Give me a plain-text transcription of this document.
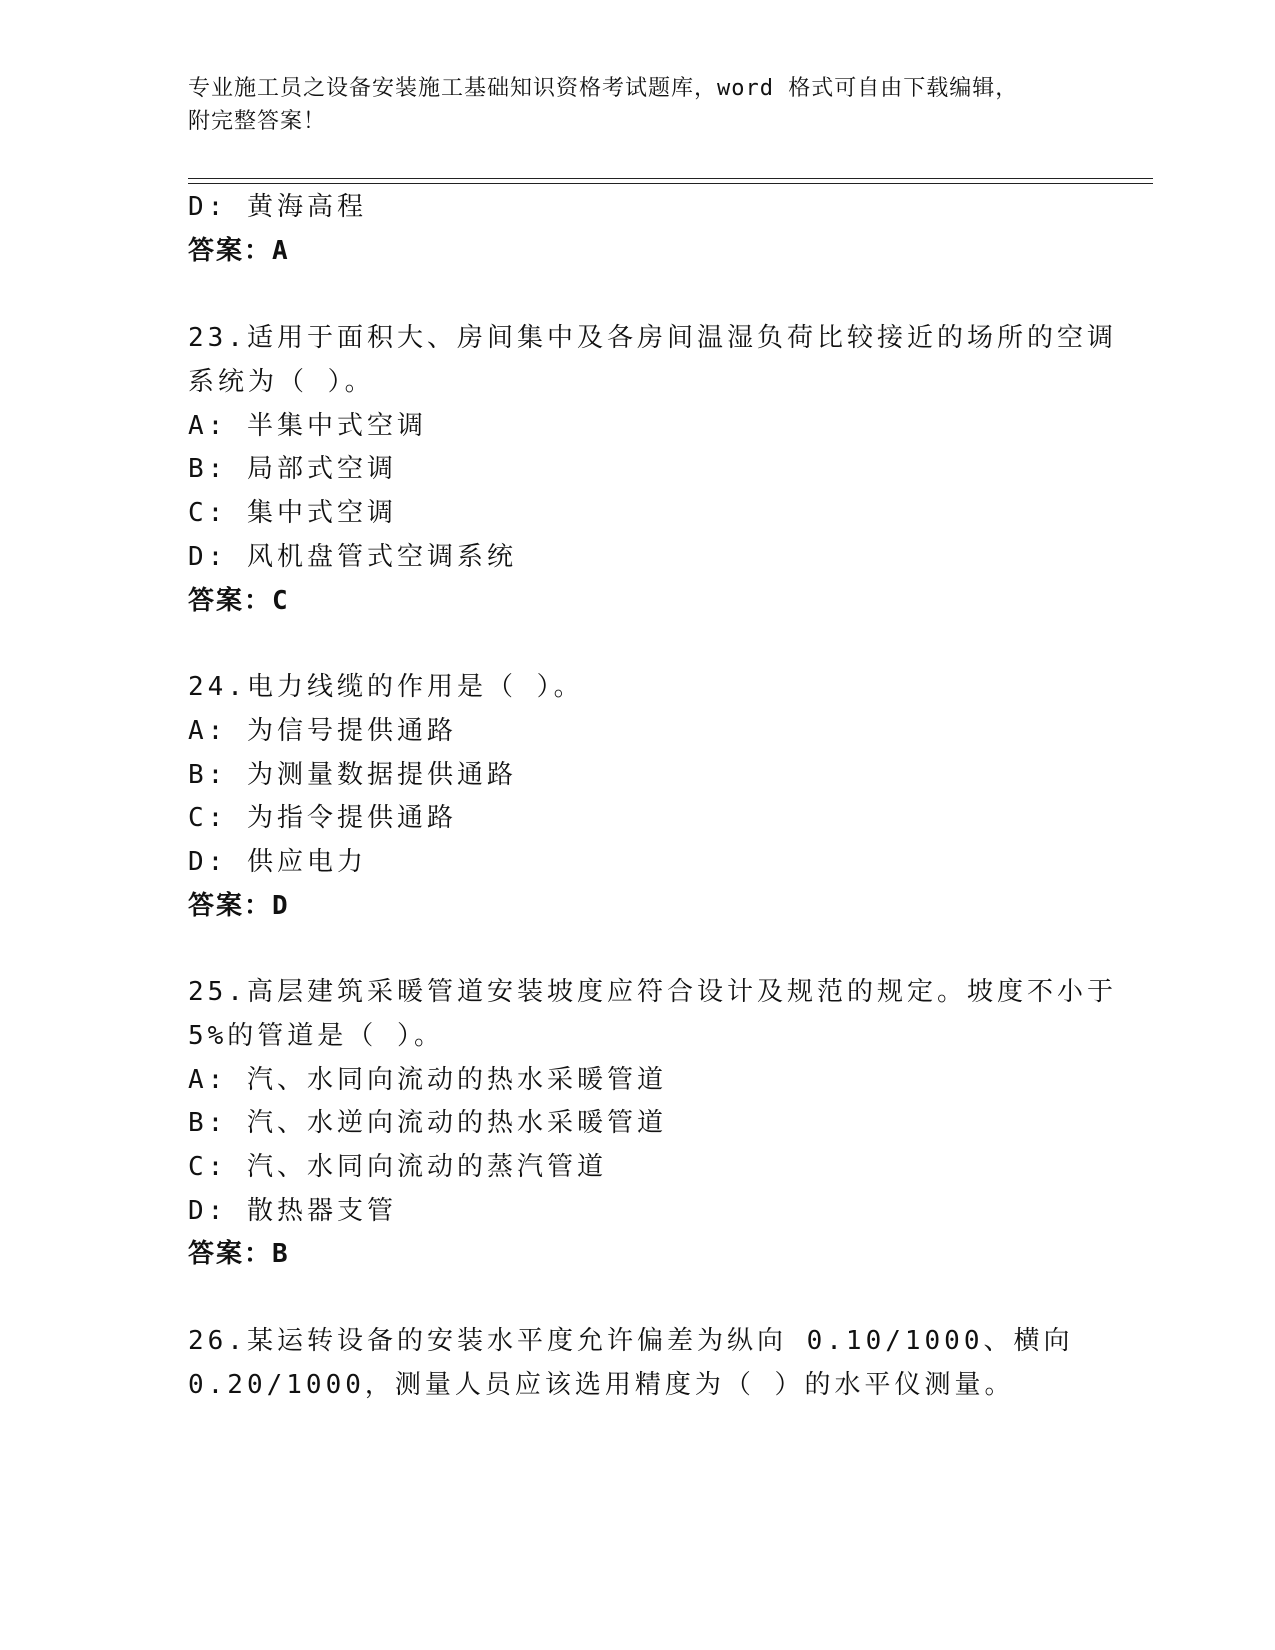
专业施工员之设备安装施工基础知识资格考试题库，word 格式可自由下载编辑，
附完整答案！
D: 黄海高程
答案：A
23.适用于面积大、房间集中及各房间温湿负荷比较接近的场所的空调
系统为（ ）。
A: 半集中式空调
B: 局部式空调
C: 集中式空调
D: 风机盘管式空调系统
答案：C
24.电力线缆的作用是（ ）。
A: 为信号提供通路
B: 为测量数据提供通路
C: 为指令提供通路
D: 供应电力
答案：D
25.高层建筑采暖管道安装坡度应符合设计及规范的规定。坡度不小于
5%的管道是（ ）。
A: 汽、水同向流动的热水采暖管道
B: 汽、水逆向流动的热水采暖管道
C: 汽、水同向流动的蒸汽管道
D: 散热器支管
答案：B
26.某运转设备的安装水平度允许偏差为纵向 0.10/1000、横向
0.20/1000，测量人员应该选用精度为（ ）的水平仪测量。
